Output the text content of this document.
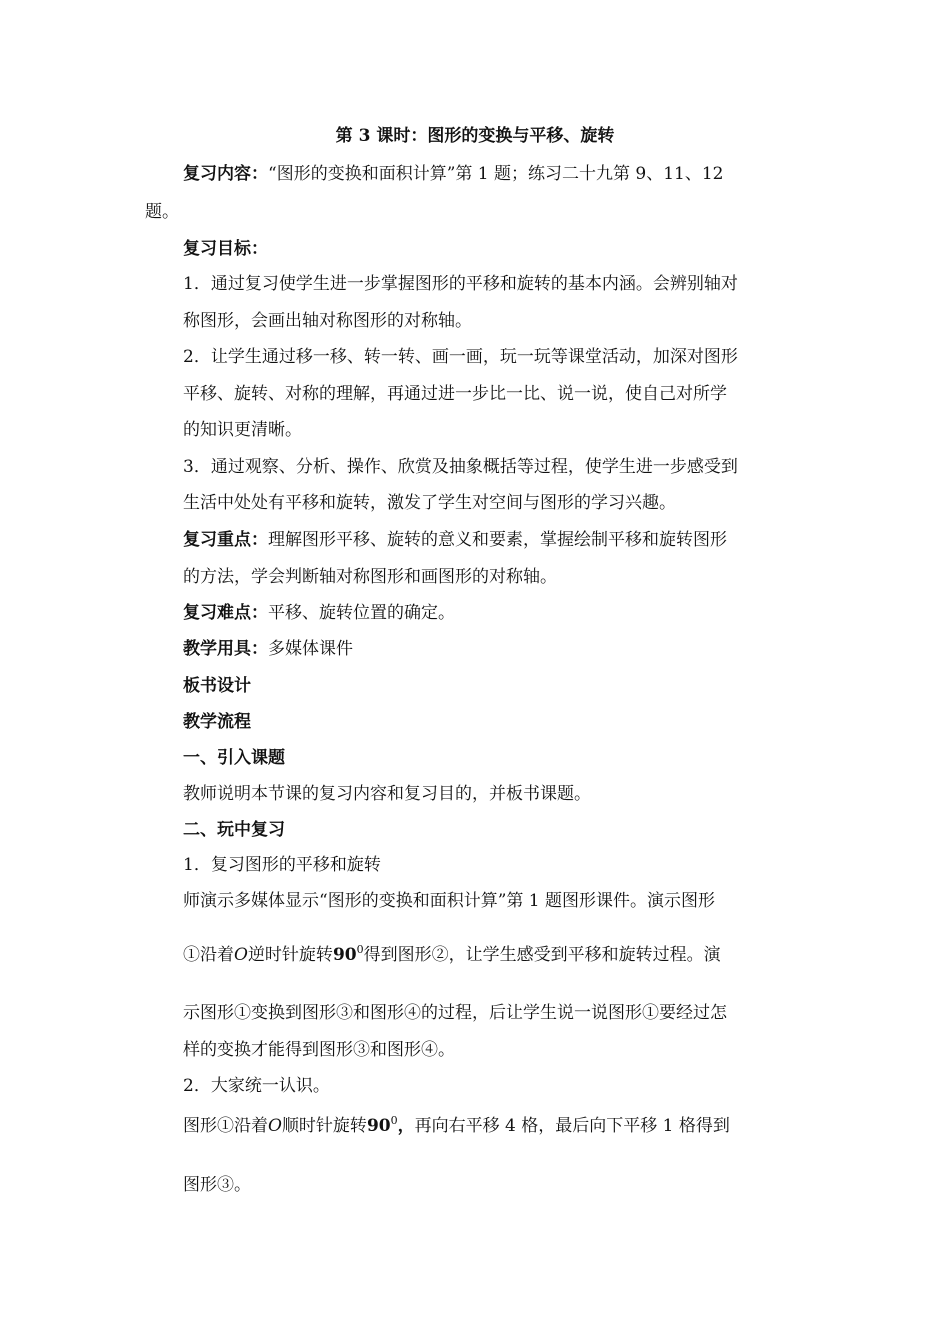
第 3 课时：图形的变换与平移、旋转
复习内容：“图形的变换和面积计算”第 1 题；练习二十九第 9、11、12
题。
复习目标：
1．通过复习使学生进一步掌握图形的平移和旋转的基本内涵。会辨别轴对
称图形，会画出轴对称图形的对称轴。
2．让学生通过移一移、转一转、画一画，玩一玩等课堂活动，加深对图形
平移、旋转、对称的理解，再通过进一步比一比、说一说，使自己对所学
的知识更清晰。
3．通过观察、分析、操作、欣赏及抽象概括等过程，使学生进一步感受到
生活中处处有平移和旋转，激发了学生对空间与图形的学习兴趣。
复习重点：理解图形平移、旋转的意义和要素，掌握绘制平移和旋转图形
的方法，学会判断轴对称图形和画图形的对称轴。
复习难点：平移、旋转位置的确定。
教学用具：多媒体课件
板书设计
教学流程
一、引入课题
教师说明本节课的复习内容和复习目的，并板书课题。
二、玩中复习
1．复习图形的平移和旋转
师演示多媒体显示“图形的变换和面积计算”第 1 题图形课件。演示图形
①沿着O逆时针旋转$90^0$得到图形②，让学生感受到平移和旋转过程。演
示图形①变换到图形③和图形④的过程，后让学生说一说图形①要经过怎
样的变换才能得到图形③和图形④。
2．大家统一认识。
图形①沿着O顺时针旋转$90^0$，再向右平移 4 格，最后向下平移 1 格得到
图形③。
